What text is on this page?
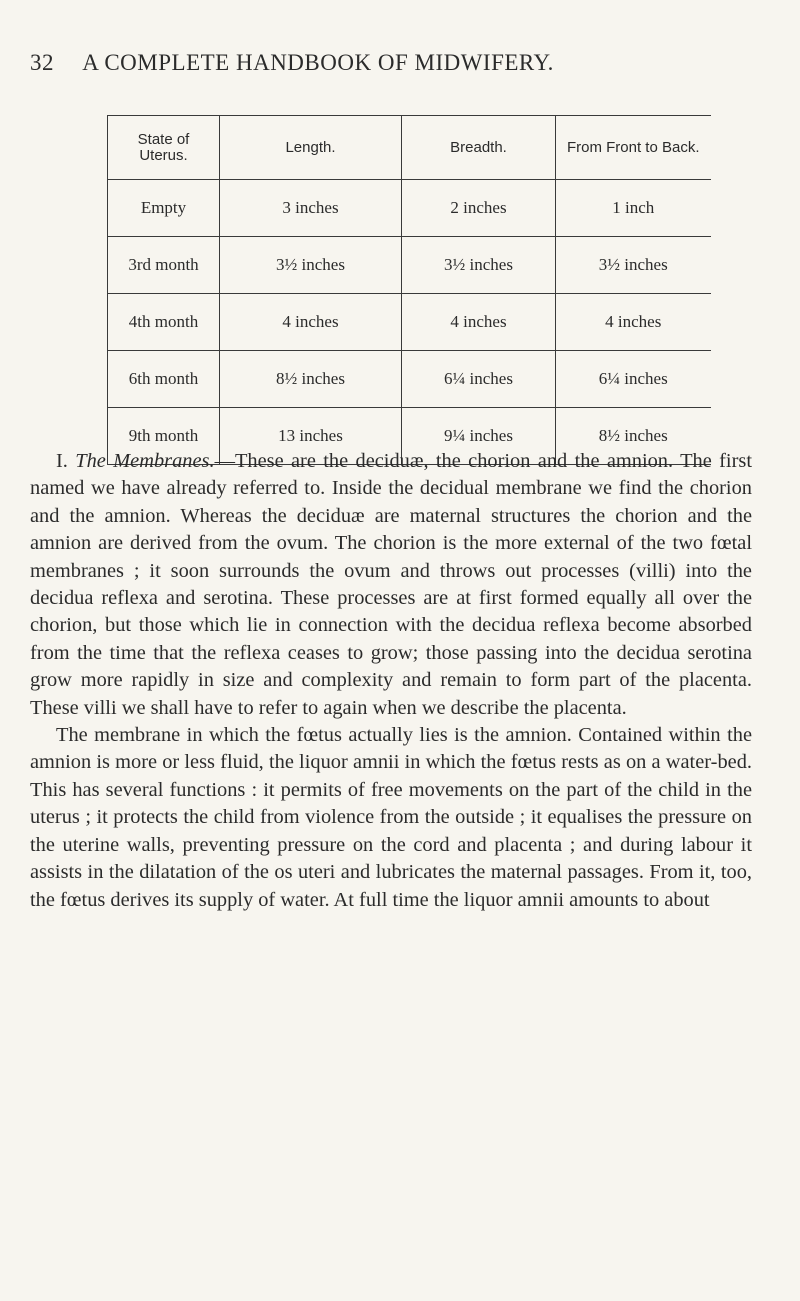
32 A COMPLETE HANDBOOK OF MIDWIFERY.
State of Uterus.	Length.	Breadth.	From Front to Back.
Empty	3 inches	2 inches	1 inch
3rd month	3½ inches	3½ inches	3½ inches
4th month	4 inches	4 inches	4 inches
6th month	8½ inches	6¼ inches	6¼ inches
9th month	13 inches	9¼ inches	8½ inches

I. The Membranes.—These are the deciduæ, the chorion and the amnion. The first named we have already referred to. Inside the decidual membrane we find the chorion and the amnion. Whereas the deciduæ are maternal structures the chorion and the amnion are derived from the ovum. The chorion is the more external of the two fœtal membranes ; it soon surrounds the ovum and throws out processes (villi) into the decidua reflexa and serotina. These processes are at first formed equally all over the chorion, but those which lie in connection with the decidua reflexa become absorbed from the time that the reflexa ceases to grow; those passing into the decidua serotina grow more rapidly in size and complexity and remain to form part of the placenta. These villi we shall have to refer to again when we describe the placenta.

The membrane in which the fœtus actually lies is the amnion. Contained within the amnion is more or less fluid, the liquor amnii in which the fœtus rests as on a water-bed. This has several functions : it permits of free movements on the part of the child in the uterus ; it protects the child from violence from the outside ; it equalises the pressure on the uterine walls, preventing pressure on the cord and placenta ; and during labour it assists in the dilatation of the os uteri and lubricates the maternal passages. From it, too, the fœtus derives its supply of water. At full time the liquor amnii amounts to about
